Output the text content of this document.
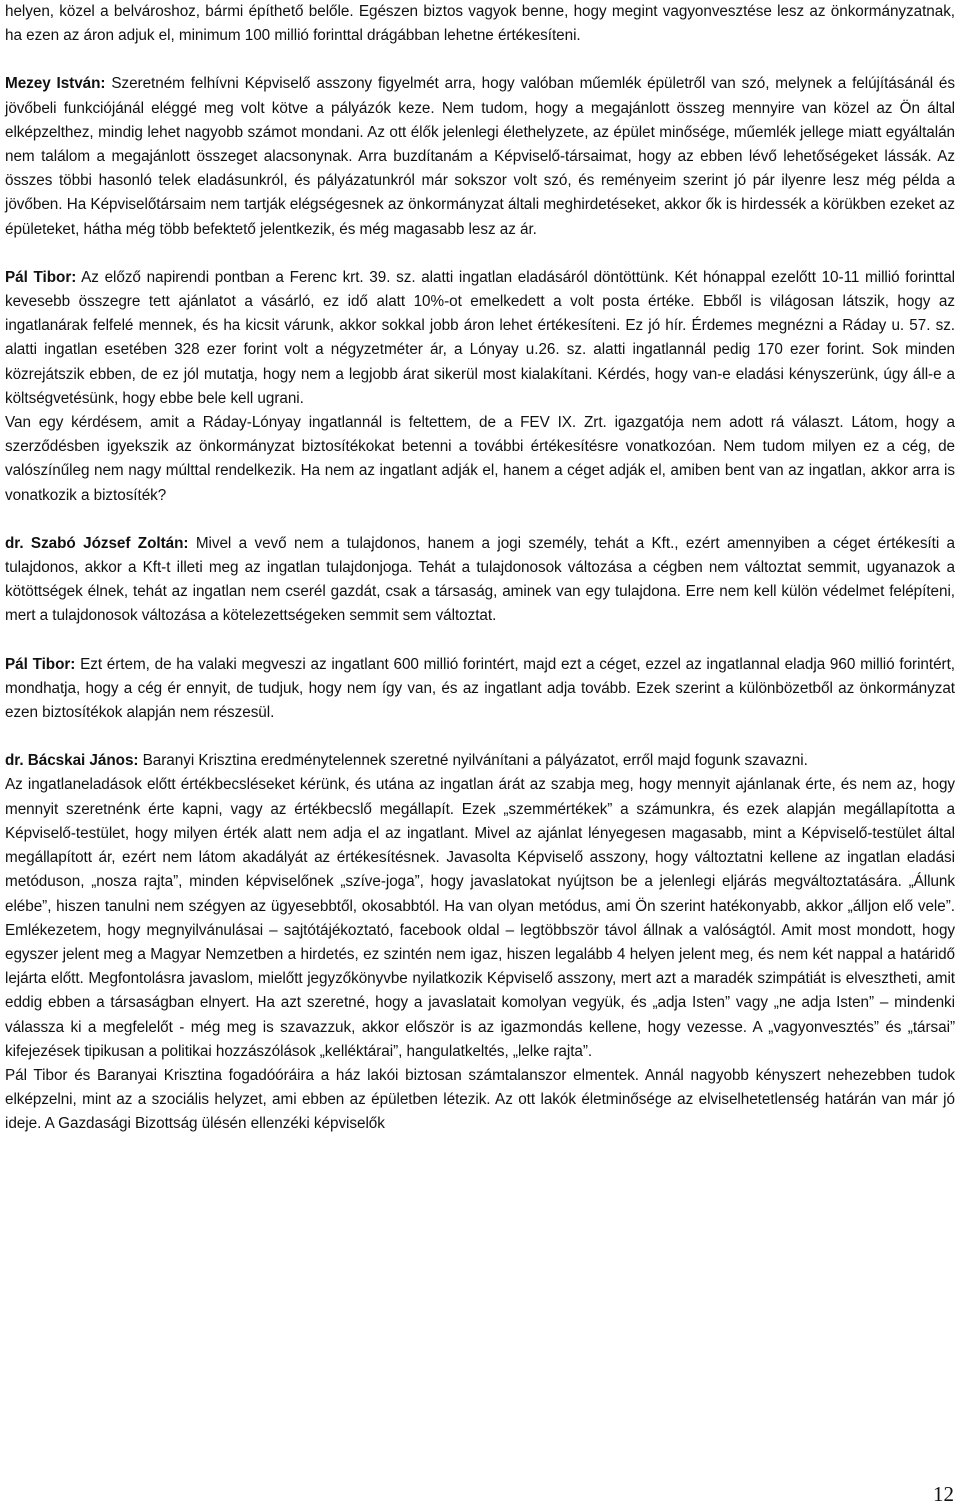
helyen, közel a belvároshoz, bármi építhető belőle. Egészen biztos vagyok benne, hogy megint vagyonvesztése lesz az önkormányzatnak, ha ezen az áron adjuk el, minimum 100 millió forinttal drágábban lehetne értékesíteni.

Mezey István: Szeretném felhívni Képviselő asszony figyelmét arra, hogy valóban műemlék épületről van szó, melynek a felújításánál és jövőbeli funkciójánál eléggé meg volt kötve a pályázók keze. Nem tudom, hogy a megajánlott összeg mennyire van közel az Ön által elképzelthez, mindig lehet nagyobb számot mondani. Az ott élők jelenlegi élethelyzete, az épület minősége, műemlék jellege miatt egyáltalán nem találom a megajánlott összeget alacsonynak. Arra buzdítanám a Képviselő-társaimat, hogy az ebben lévő lehetőségeket lássák. Az összes többi hasonló telek eladásunkról, és pályázatunkról már sokszor volt szó, és reményeim szerint jó pár ilyenre lesz még példa a jövőben. Ha Képviselőtársaim nem tartják elégségesnek az önkormányzat általi meghirdetéseket, akkor ők is hirdessék a körükben ezeket az épületeket, hátha még több befektető jelentkezik, és még magasabb lesz az ár.

Pál Tibor: Az előző napirendi pontban a Ferenc krt. 39. sz. alatti ingatlan eladásáról döntöttünk. Két hónappal ezelőtt 10-11 millió forinttal kevesebb összegre tett ajánlatot a vásárló, ez idő alatt 10%-ot emelkedett a volt posta értéke. Ebből is világosan látszik, hogy az ingatlanárak felfelé mennek, és ha kicsit várunk, akkor sokkal jobb áron lehet értékesíteni. Ez jó hír. Érdemes megnézni a Ráday u. 57. sz. alatti ingatlan esetében 328 ezer forint volt a négyzetméter ár, a Lónyay u.26. sz. alatti ingatlannál pedig 170 ezer forint. Sok minden közrejátszik ebben, de ez jól mutatja, hogy nem a legjobb árat sikerül most kialakítani. Kérdés, hogy van-e eladási kényszerünk, úgy áll-e a költségvetésünk, hogy ebbe bele kell ugrani.

Van egy kérdésem, amit a Ráday-Lónyay ingatlannál is feltettem, de a FEV IX. Zrt. igazgatója nem adott rá választ. Látom, hogy a szerződésben igyekszik az önkormányzat biztosítékokat betenni a további értékesítésre vonatkozóan. Nem tudom milyen ez a cég, de valószínűleg nem nagy múlttal rendelkezik. Ha nem az ingatlant adják el, hanem a céget adják el, amiben bent van az ingatlan, akkor arra is vonatkozik a biztosíték?

dr. Szabó József Zoltán: Mivel a vevő nem a tulajdonos, hanem a jogi személy, tehát a Kft., ezért amennyiben a céget értékesíti a tulajdonos, akkor a Kft-t illeti meg az ingatlan tulajdonjoga. Tehát a tulajdonosok változása a cégben nem változtat semmit, ugyanazok a kötöttségek élnek, tehát az ingatlan nem cserél gazdát, csak a társaság, aminek van egy tulajdona. Erre nem kell külön védelmet felépíteni, mert a tulajdonosok változása a kötelezettségeken semmit sem változtat.

Pál Tibor: Ezt értem, de ha valaki megveszi az ingatlant 600 millió forintért, majd ezt a céget, ezzel az ingatlannal eladja 960 millió forintért, mondhatja, hogy a cég ér ennyit, de tudjuk, hogy nem így van, és az ingatlant adja tovább. Ezek szerint a különbözetből az önkormányzat ezen biztosítékok alapján nem részesül.

dr. Bácskai János: Baranyi Krisztina eredménytelennek szeretné nyilvánítani a pályázatot, erről majd fogunk szavazni.

Az ingatlaneladások előtt értékbecsléseket kérünk, és utána az ingatlan árát az szabja meg, hogy mennyit ajánlanak érte, és nem az, hogy mennyit szeretnénk érte kapni, vagy az értékbecslő megállapít. Ezek „szemmértékek” a számunkra, és ezek alapján megállapította a Képviselő-testület, hogy milyen érték alatt nem adja el az ingatlant. Mivel az ajánlat lényegesen magasabb, mint a Képviselő-testület által megállapított ár, ezért nem látom akadályát az értékesítésnek. Javasolta Képviselő asszony, hogy változtatni kellene az ingatlan eladási metóduson, „nosza rajta”, minden képviselőnek „szíve-joga”, hogy javaslatokat nyújtson be a jelenlegi eljárás megváltoztatására. „Állunk elébe”, hiszen tanulni nem szégyen az ügyesebbtől, okosabbtól. Ha van olyan metódus, ami Ön szerint hatékonyabb, akkor „álljon elő vele”. Emlékezetem, hogy megnyilvánulásai – sajtótájékoztató, facebook oldal – legtöbbször távol állnak a valóságtól. Amit most mondott, hogy egyszer jelent meg a Magyar Nemzetben a hirdetés, ez szintén nem igaz, hiszen legalább 4 helyen jelent meg, és nem két nappal a határidő lejárta előtt. Megfontolásra javaslom, mielőtt jegyzőkönyvbe nyilatkozik Képviselő asszony, mert azt a maradék szimpátiát is elvesztheti, amit eddig ebben a társaságban elnyert. Ha azt szeretné, hogy a javaslatait komolyan vegyük, és „adja Isten” vagy „ne adja Isten” – mindenki válassza ki a megfelelőt - még meg is szavazzuk, akkor először is az igazmondás kellene, hogy vezesse. A „vagyonvesztés” és „társai” kifejezések tipikusan a politikai hozzászólások „kelléktárai”, hangulatkeltés, „lelke rajta”.

Pál Tibor és Baranyai Krisztina fogadóóráira a ház lakói biztosan számtalanszor elmentek. Annál nagyobb kényszert nehezebben tudok elképzelni, mint az a szociális helyzet, ami ebben az épületben létezik. Az ott lakók életminősége az elviselhetetlenség határán van már jó ideje. A Gazdasági Bizottság ülésén ellenzéki képviselők

12
